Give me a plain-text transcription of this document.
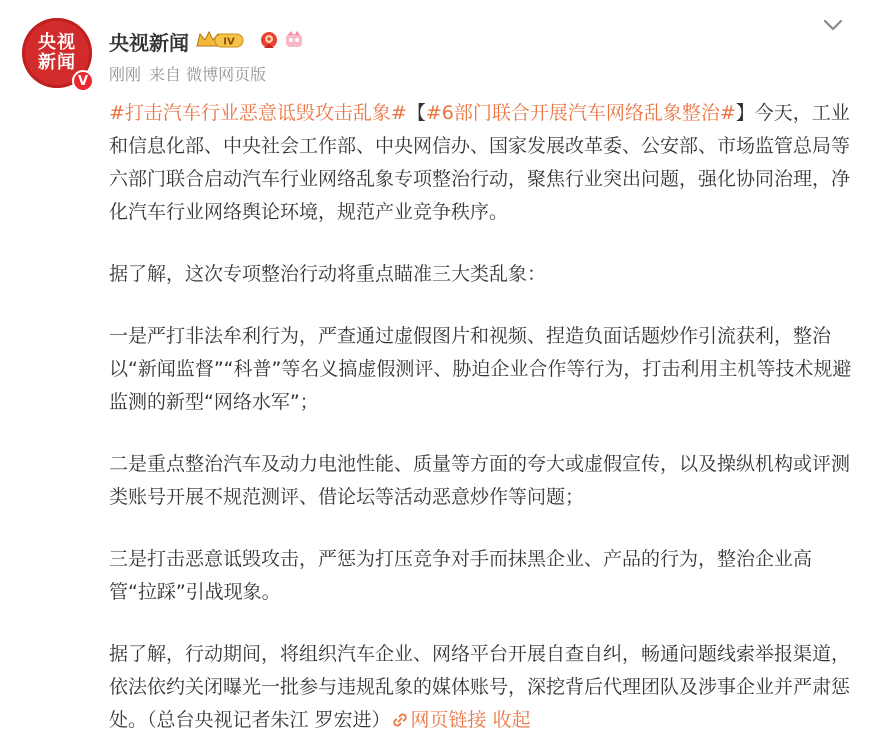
央视
新闻
V
央视新闻	IV
刚刚 来自 微博网页版

#打击汽车行业恶意诋毁攻击乱象#【#6部门联合开展汽车网络乱象整治#】今天，工业和信息化部、中央社会工作部、中央网信办、国家发展改革委、公安部、市场监管总局等六部门联合启动汽车行业网络乱象专项整治行动，聚焦行业突出问题，强化协同治理，净化汽车行业网络舆论环境，规范产业竞争秩序。

据了解，这次专项整治行动将重点瞄准三大类乱象：

一是严打非法牟利行为，严查通过虚假图片和视频、捏造负面话题炒作引流获利，整治以“新闻监督”“科普”等名义搞虚假测评、胁迫企业合作等行为，打击利用主机等技术规避监测的新型“网络水军”；

二是重点整治汽车及动力电池性能、质量等方面的夸大或虚假宣传，以及操纵机构或评测类账号开展不规范测评、借论坛等活动恶意炒作等问题；

三是打击恶意诋毁攻击，严惩为打压竞争对手而抹黑企业、产品的行为，整治企业高管“拉踩”引战现象。

据了解，行动期间，将组织汽车企业、网络平台开展自查自纠，畅通问题线索举报渠道，依法依约关闭曝光一批参与违规乱象的媒体账号，深挖背后代理团队及涉事企业并严肃惩处。（总台央视记者朱江 罗宏进） 网页链接 收起
